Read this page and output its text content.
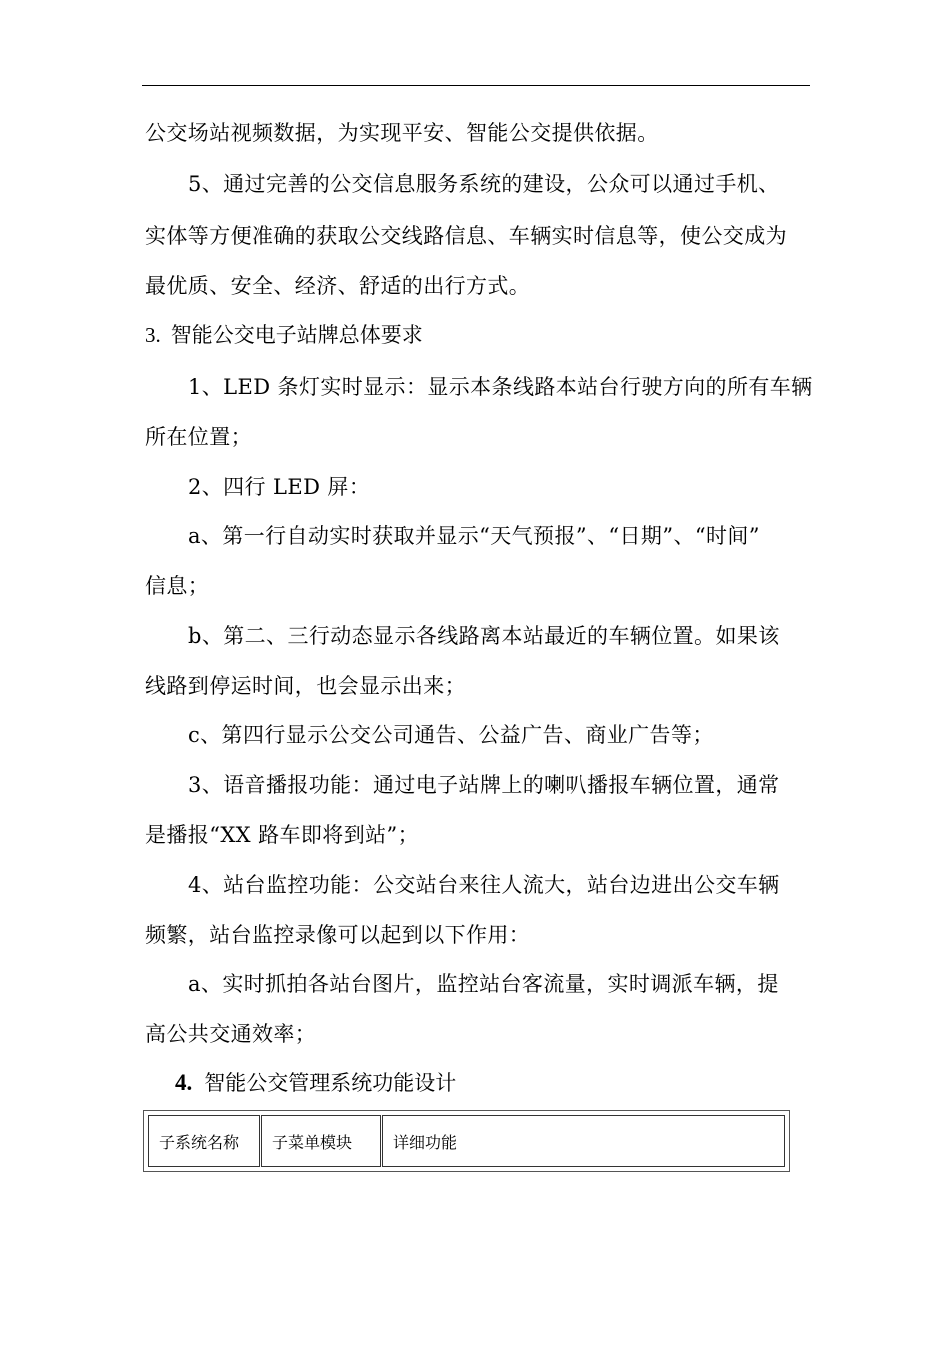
公交场站视频数据，为实现平安、智能公交提供依据。
5、通过完善的公交信息服务系统的建设，公众可以通过手机、
实体等方便准确的获取公交线路信息、车辆实时信息等，使公交成为
最优质、安全、经济、舒适的出行方式。
3. 智能公交电子站牌总体要求
1、LED 条灯实时显示：显示本条线路本站台行驶方向的所有车辆
所在位置；
2、四行 LED 屏：
a、第一行自动实时获取并显示“天气预报”、“日期”、“时间”
信息；
b、第二、三行动态显示各线路离本站最近的车辆位置。如果该
线路到停运时间，也会显示出来；
c、第四行显示公交公司通告、公益广告、商业广告等；
3、语音播报功能：通过电子站牌上的喇叭播报车辆位置，通常
是播报“XX 路车即将到站”；
4、站台监控功能：公交站台来往人流大，站台边进出公交车辆
频繁，站台监控录像可以起到以下作用：
a、实时抓拍各站台图片，监控站台客流量，实时调派车辆，提
高公共交通效率；
4. 智能公交管理系统功能设计
子系统名称	子菜单模块	详细功能
